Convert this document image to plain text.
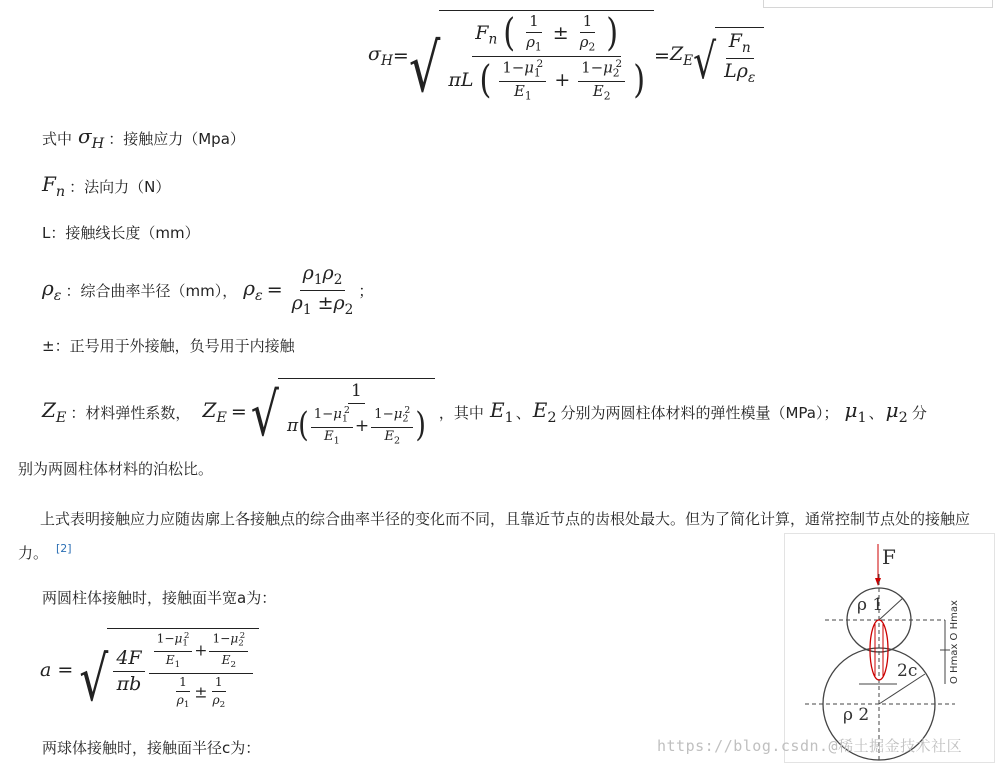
$\sigma_H$ = √ $F_n$ ( $\frac{1}{\rho_1} \pm \frac{1}{\rho_2}$ )
πL ( $\frac{1-\mu_1^2}{E_1} + \frac{1-\mu_2^2}{E_2}$ )
= $Z_E$ √ $\frac{F_n}{L\rho_\varepsilon}$
式中 $\sigma_H$ ：接触应力（Mpa）
$F_n$ ：法向力（N）
L：接触线长度（mm）
$\rho_\varepsilon$ ：综合曲率半径（mm）， $\rho_\varepsilon = \frac{\rho_1\rho_2}{\rho_1 \pm\rho_2}$ ；
±：正号用于外接触，负号用于内接触
$Z_E$ ：材料弹性系数， $Z_E$ = √ $\frac{1}{\pi( \frac{1-\mu_1^2}{E_1} + \frac{1-\mu_2^2}{E_2} )}$ ，其中 $E_1$ 、 $E_2$ 分别为两圆柱体材料的弹性模量（MPa）； $\mu_1$ 、 $\mu_2$ 分
别为两圆柱体材料的泊松比。
上式表明接触应力应随齿廓上各接触点的综合曲率半径的变化而不同，且靠近节点的齿根处最大。但为了简化计算，通常控制节点处的接触应力。 [2]
两圆柱体接触时，接触面半宽a为：
a = √ $\frac{4F}{\pi b} \frac{\frac{1-\mu_1^2}{E_1} + \frac{1-\mu_2^2}{E_2}}{\frac{1}{\rho_1} \pm \frac{1}{\rho_2}}$
两球体接触时，接触面半径c为：
F
ρ 1
ρ 2
2c	O Hmax O Hmax
https://blog.csdn.@稀土掘金技术社区
